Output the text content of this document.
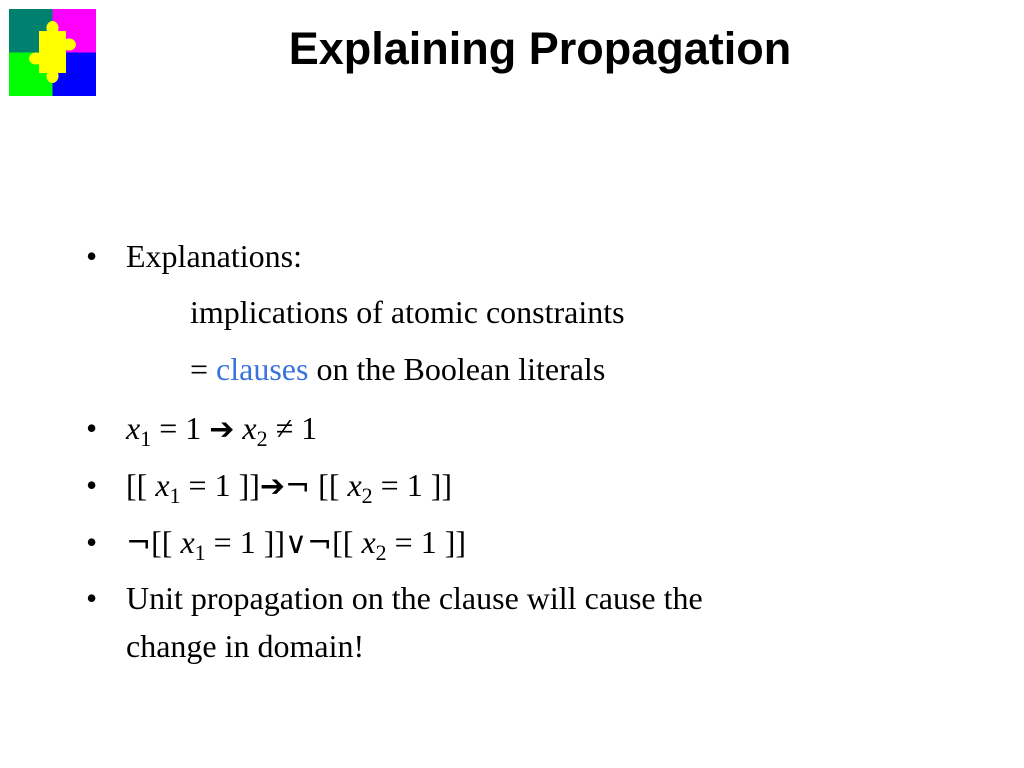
Explaining Propagation
• Explanations:
implications of atomic constraints
= clauses on the Boolean literals
• $x_1 = 1$ ➔ $x_2 \ne 1$
• [[ $x_1 = 1$ ]]➔¬ [[ $x_2 = 1$ ]]
• ¬[[ $x_1 = 1$ ]]∨¬[[ $x_2 = 1$ ]]
• Unit propagation on the clause will cause the
change in domain!
